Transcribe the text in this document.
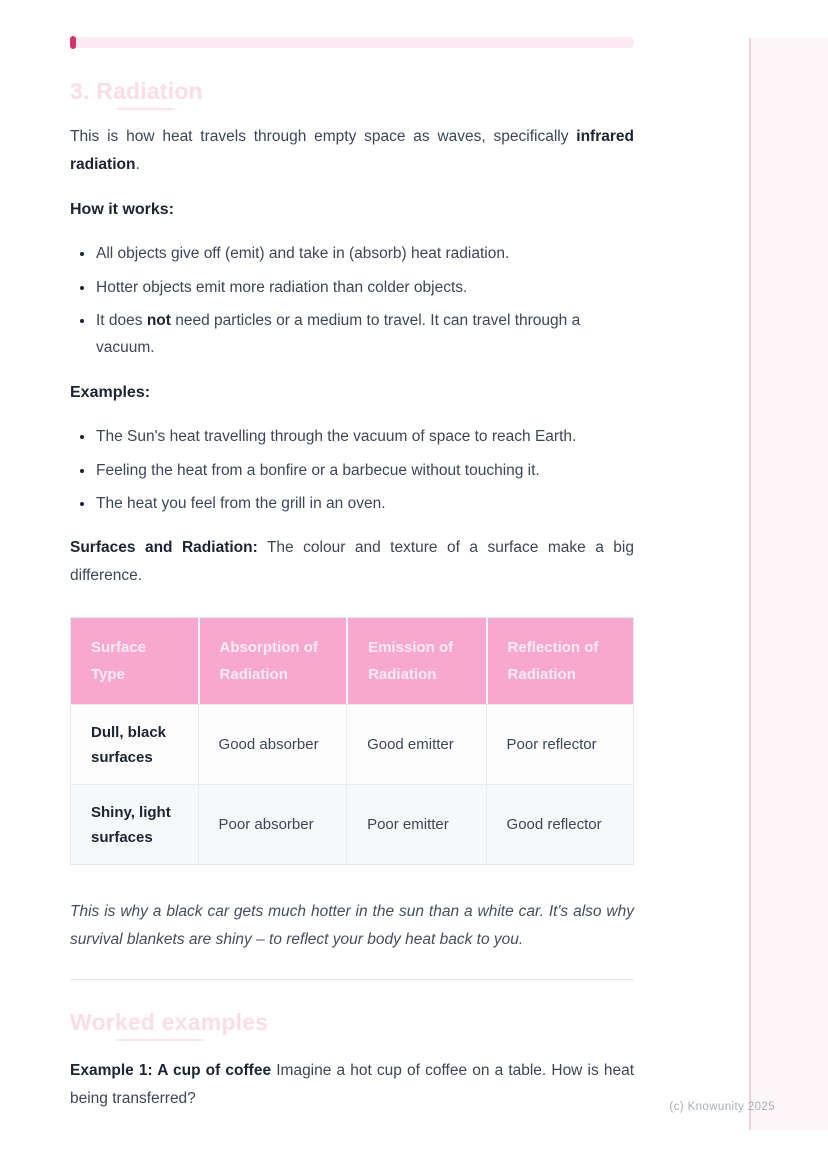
3. Radiation

This is how heat travels through empty space as waves, specifically infrared radiation.

How it works:
• All objects give off (emit) and take in (absorb) heat radiation.
• Hotter objects emit more radiation than colder objects.
• It does not need particles or a medium to travel. It can travel through a vacuum.
Examples:
• The Sun's heat travelling through the vacuum of space to reach Earth.
• Feeling the heat from a bonfire or a barbecue without touching it.
• The heat you feel from the grill in an oven.

Surfaces and Radiation: The colour and texture of a surface make a big difference.

Surface Type	Absorption of Radiation	Emission of Radiation	Reflection of Radiation
Dull, black surfaces	Good absorber	Good emitter	Poor reflector
Shiny, light surfaces	Poor absorber	Poor emitter	Good reflector

This is why a black car gets much hotter in the sun than a white car. It's also why survival blankets are shiny – to reflect your body heat back to you.

Worked examples

Example 1: A cup of coffee Imagine a hot cup of coffee on a table. How is heat being transferred?

(c) Knowunity 2025
